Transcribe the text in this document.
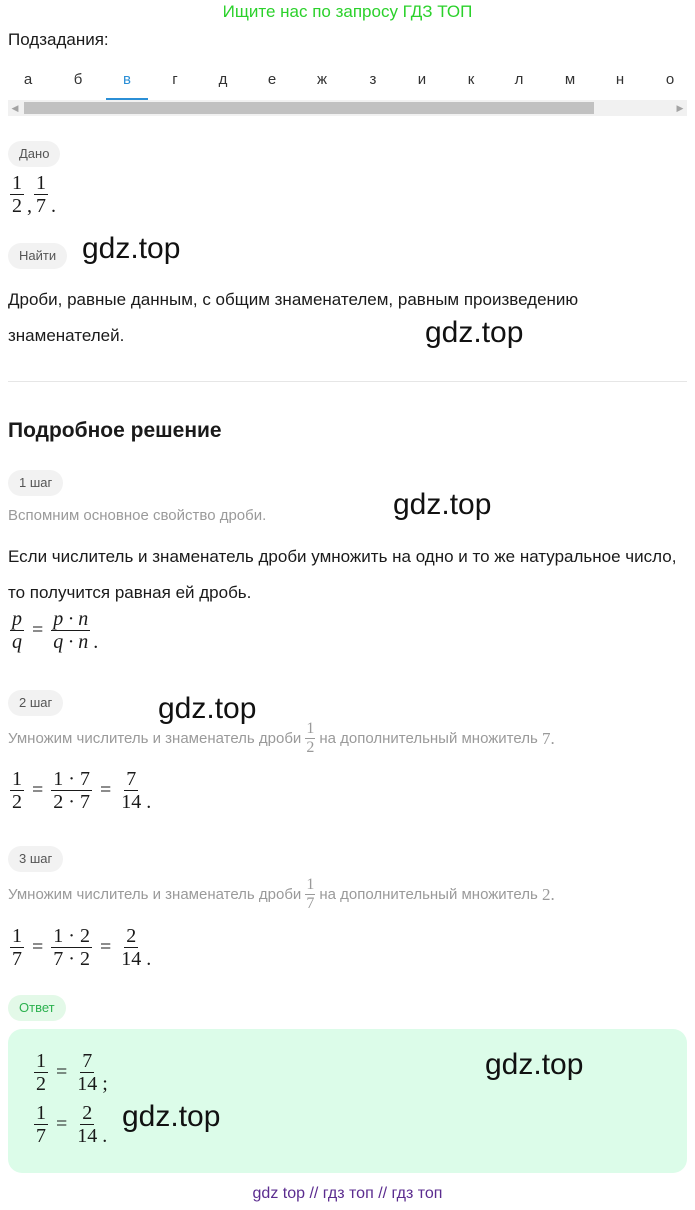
Ищите нас по запросу ГДЗ ТОП
Подзадания:
а	б	в	г	д	е	ж	з	и	к	л	м	н	о
◀	▶
Дано
$\frac{1}{2}$ , $\frac{1}{7}$ .
Найти
Дроби, равные данным, с общим знаменателем, равным произведению знаменателей.
Подробное решение
1 шаг
Вспомним основное свойство дроби.
Если числитель и знаменатель дроби умножить на одно и то же натуральное число, то получится равная ей дробь.
$\frac{p}{q} = \frac{p \cdot n}{q \cdot n}$ .
2 шаг
Умножим числитель и знаменатель дроби $\frac{1}{2}$ на дополнительный множитель
7.
$\frac{1}{2} = \frac{1 \cdot 7}{2 \cdot 7} = \frac{7}{14}$ .
3 шаг
Умножим числитель и знаменатель дроби $\frac{1}{7}$ на дополнительный множитель
2.
$\frac{1}{7} = \frac{1 \cdot 2}{7 \cdot 2} = \frac{2}{14}$ .
Ответ
$\frac{1}{2} = \frac{7}{14}$ ;
$\frac{1}{7} = \frac{2}{14}$ .
gdz.top
gdz.top
gdz.top
gdz.top
gdz.top
gdz.top
gdz top // гдз топ // гдз топ
